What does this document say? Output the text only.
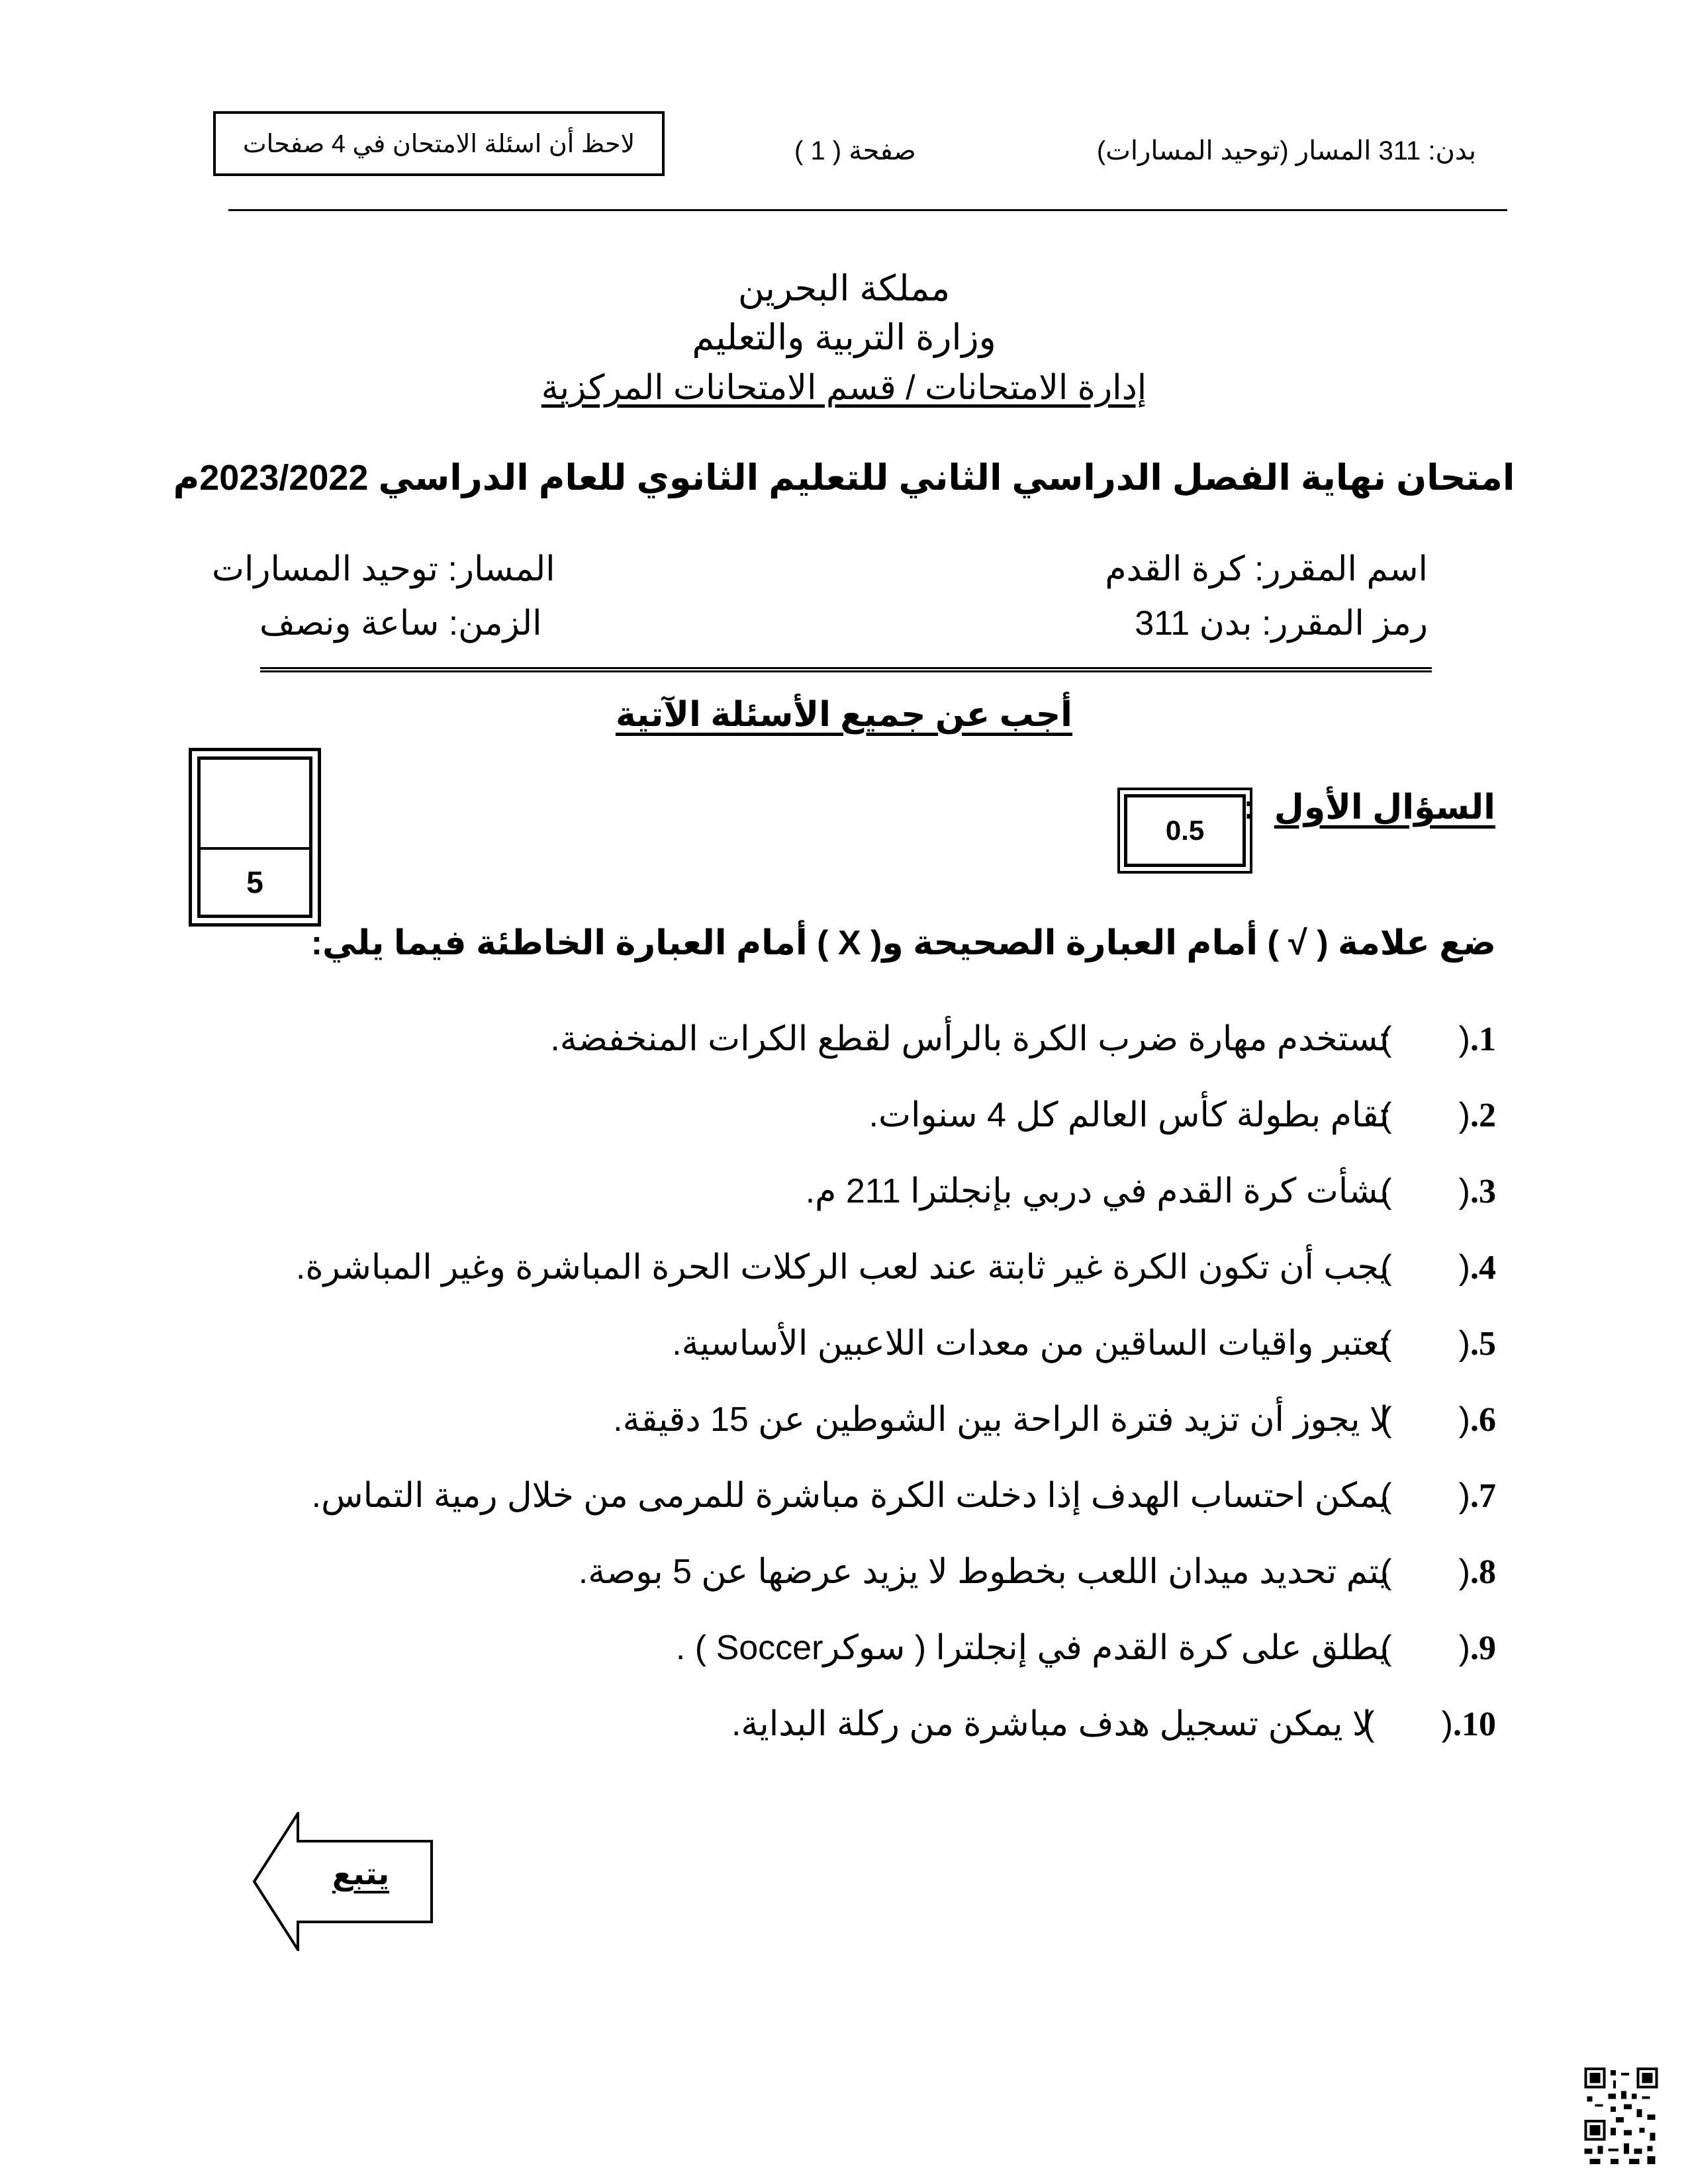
بدن: 311 المسار (توحيد المسارات)
صفحة ( 1 )
لاحظ أن اسئلة الامتحان في 4 صفحات
مملكة البحرين
وزارة التربية والتعليم
إدارة الامتحانات / قسم الامتحانات المركزية
امتحان نهاية الفصل الدراسي الثاني للتعليم الثانوي للعام الدراسي 2023/2022م
اسم المقرر: كرة القدم
رمز المقرر: بدن 311
المسار: توحيد المسارات
الزمن: ساعة ونصف
أجب عن جميع الأسئلة الآتية
5
السؤال الأول  :
0.5
ضع علامة ( √ ) أمام العبارة الصحيحة و( X ) أمام العبارة الخاطئة فيما يلي:
1.(       ) تستخدم مهارة ضرب الكرة بالرأس لقطع الكرات المنخفضة.
2.(       ) تقام بطولة كأس العالم كل 4 سنوات.
3.(       ) نشأت كرة القدم في دربي بإنجلترا 211 م.
4.(       ) يجب أن تكون الكرة غير ثابتة عند لعب الركلات الحرة المباشرة وغير المباشرة.
5.(       ) تعتبر واقيات الساقين من معدات اللاعبين الأساسية.
6.(       ) لا يجوز أن تزيد فترة الراحة بين الشوطين عن 15 دقيقة.
7.(       ) يمكن احتساب الهدف إذا دخلت الكرة مباشرة للمرمى من خلال رمية التماس.
8.(       ) يتم تحديد ميدان اللعب بخطوط لا يزيد عرضها عن 5 بوصة.
9.(       ) يطلق على كرة القدم في إنجلترا ( سوكرSoccer ) .
10.(       ) لا يمكن تسجيل هدف مباشرة من ركلة البداية.
يتبع
